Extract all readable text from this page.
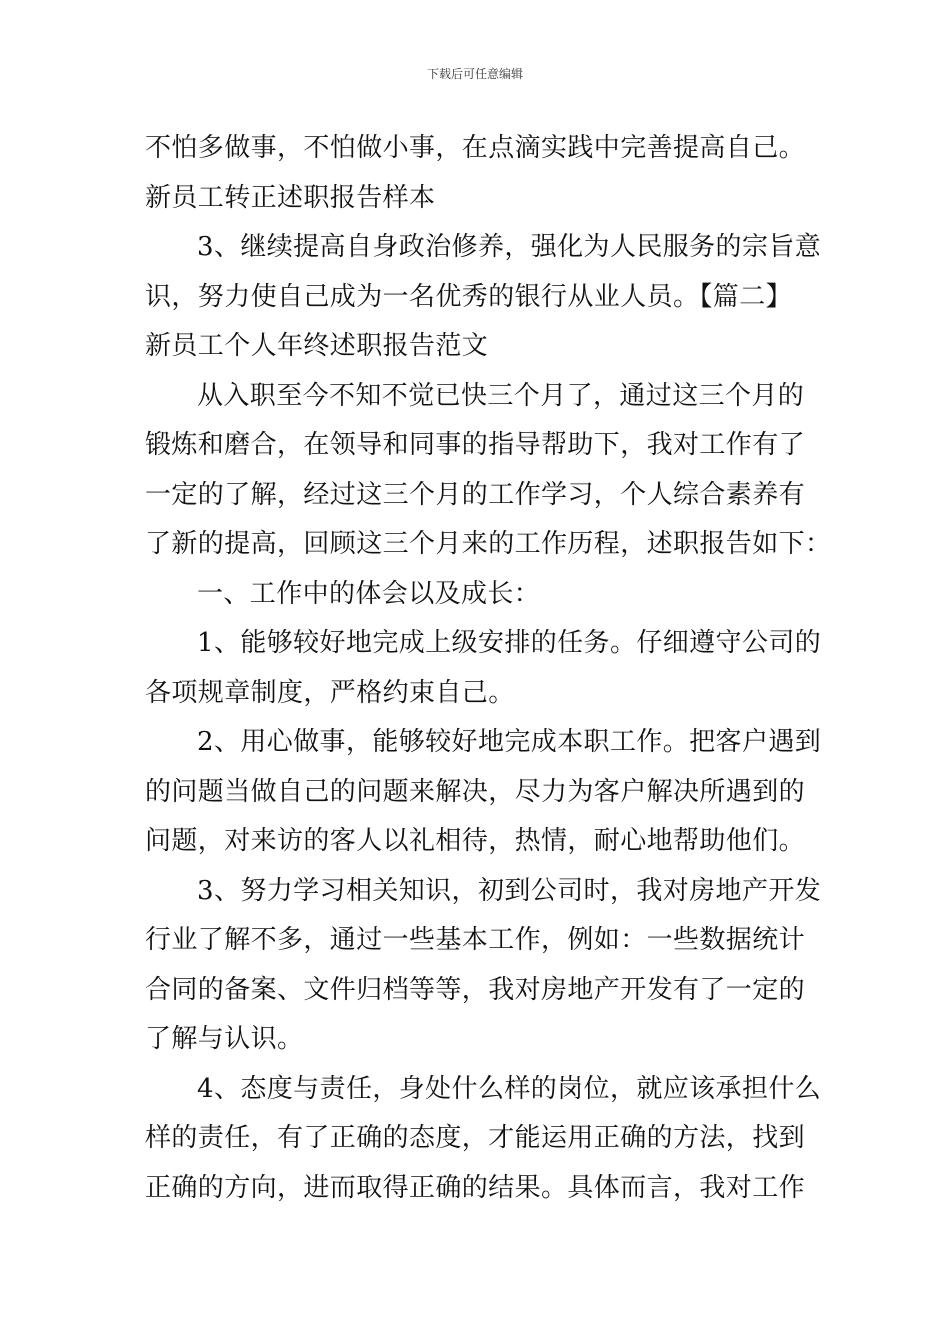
下载后可任意编辑
不怕多做事，不怕做小事，在点滴实践中完善提高自己。
新员工转正述职报告样本
3、继续提高自身政治修养，强化为人民服务的宗旨意
识，努力使自己成为一名优秀的银行从业人员。【篇二】
新员工个人年终述职报告范文
从入职至今不知不觉已快三个月了，通过这三个月的
锻炼和磨合，在领导和同事的指导帮助下，我对工作有了
一定的了解，经过这三个月的工作学习，个人综合素养有
了新的提高，回顾这三个月来的工作历程，述职报告如下：
一、工作中的体会以及成长：
1、能够较好地完成上级安排的任务。仔细遵守公司的
各项规章制度，严格约束自己。
2、用心做事，能够较好地完成本职工作。把客户遇到
的问题当做自己的问题来解决，尽力为客户解决所遇到的
问题，对来访的客人以礼相待，热情，耐心地帮助他们。
3、努力学习相关知识，初到公司时，我对房地产开发
行业了解不多，通过一些基本工作，例如：一些数据统计
合同的备案、文件归档等等，我对房地产开发有了一定的
了解与认识。
4、态度与责任，身处什么样的岗位，就应该承担什么
样的责任，有了正确的态度，才能运用正确的方法，找到
正确的方向，进而取得正确的结果。具体而言，我对工作
